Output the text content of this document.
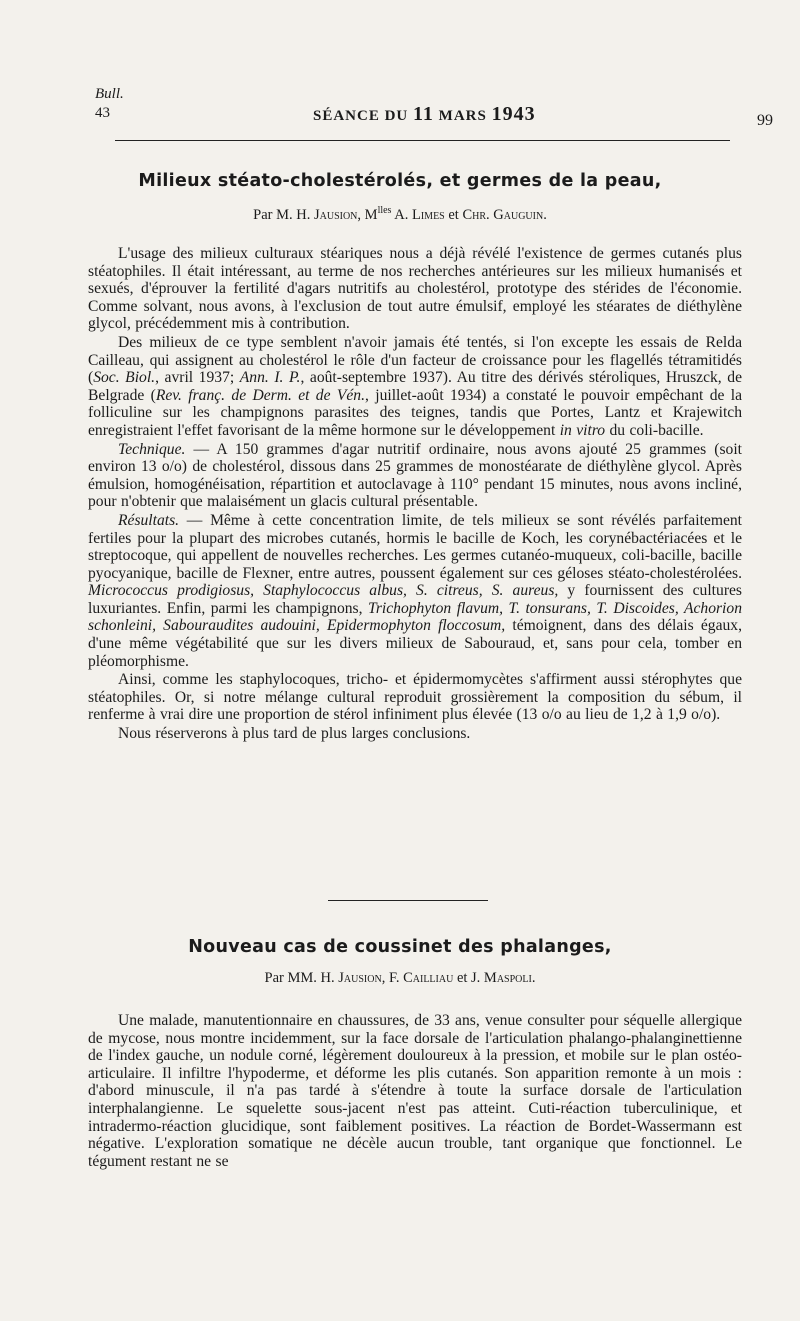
Bull.
43	SÉANCE DU 11 MARS 1943	99
Milieux stéato-cholestérolés, et germes de la peau,
Par M. H. Jausion, $M^{lles}$ A. Limes et Chr. Gauguin.

L'usage des milieux culturaux stéariques nous a déjà révélé l'existence de germes cutanés plus stéatophiles. Il était intéressant, au terme de nos recherches antérieures sur les milieux humanisés et sexués, d'éprouver la fertilité d'agars nutritifs au cholestérol, prototype des stérides de l'économie. Comme solvant, nous avons, à l'exclusion de tout autre émulsif, employé les stéarates de diéthylène glycol, précédemment mis à contribution.

Des milieux de ce type semblent n'avoir jamais été tentés, si l'on excepte les essais de Relda Cailleau, qui assignent au cholestérol le rôle d'un facteur de croissance pour les flagellés tétramitidés (Soc. Biol., avril 1937; Ann. I. P., août-septembre 1937). Au titre des dérivés stéroliques, Hruszck, de Belgrade (Rev. franç. de Derm. et de Vén., juillet-août 1934) a constaté le pouvoir empêchant de la folliculine sur les champignons parasites des teignes, tandis que Portes, Lantz et Krajewitch enregistraient l'effet favorisant de la même hormone sur le développement in vitro du coli-bacille.

Technique. — A 150 grammes d'agar nutritif ordinaire, nous avons ajouté 25 grammes (soit environ 13 o/o) de cholestérol, dissous dans 25 grammes de monostéarate de diéthylène glycol. Après émulsion, homogénéisation, répartition et autoclavage à 110° pendant 15 minutes, nous avons incliné, pour n'obtenir que malaisément un glacis cultural présentable.

Résultats. — Même à cette concentration limite, de tels milieux se sont révélés parfaitement fertiles pour la plupart des microbes cutanés, hormis le bacille de Koch, les corynébactériacées et le streptocoque, qui appellent de nouvelles recherches. Les germes cutanéo-muqueux, coli-bacille, bacille pyocyanique, bacille de Flexner, entre autres, poussent également sur ces géloses stéato-cholestérolées. Micrococcus prodigiosus, Staphylococcus albus, S. citreus, S. aureus, y fournissent des cultures luxuriantes. Enfin, parmi les champignons, Trichophyton flavum, T. tonsurans, T. Discoides, Achorion schonleini, Sabouraudites audouini, Epidermophyton floccosum, témoignent, dans des délais égaux, d'une même végétabilité que sur les divers milieux de Sabouraud, et, sans pour cela, tomber en pléomorphisme.

Ainsi, comme les staphylocoques, tricho- et épidermomycètes s'affirment aussi stérophytes que stéatophiles. Or, si notre mélange cultural reproduit grossièrement la composition du sébum, il renferme à vrai dire une proportion de stérol infiniment plus élevée (13 o/o au lieu de 1,2 à 1,9 o/o).

Nous réserverons à plus tard de plus larges conclusions.

Nouveau cas de coussinet des phalanges,
Par MM. H. Jausion, F. Cailliau et J. Maspoli.

Une malade, manutentionnaire en chaussures, de 33 ans, venue consulter pour séquelle allergique de mycose, nous montre incidemment, sur la face dorsale de l'articulation phalango-phalanginettienne de l'index gauche, un nodule corné, légèrement douloureux à la pression, et mobile sur le plan ostéo-articulaire. Il infiltre l'hypoderme, et déforme les plis cutanés. Son apparition remonte à un mois : d'abord minuscule, il n'a pas tardé à s'étendre à toute la surface dorsale de l'articulation interphalangienne. Le squelette sous-jacent n'est pas atteint. Cuti-réaction tuberculinique, et intradermo-réaction glucidique, sont faiblement positives. La réaction de Bordet-Wassermann est négative. L'exploration somatique ne décèle aucun trouble, tant organique que fonctionnel. Le tégument restant ne se
